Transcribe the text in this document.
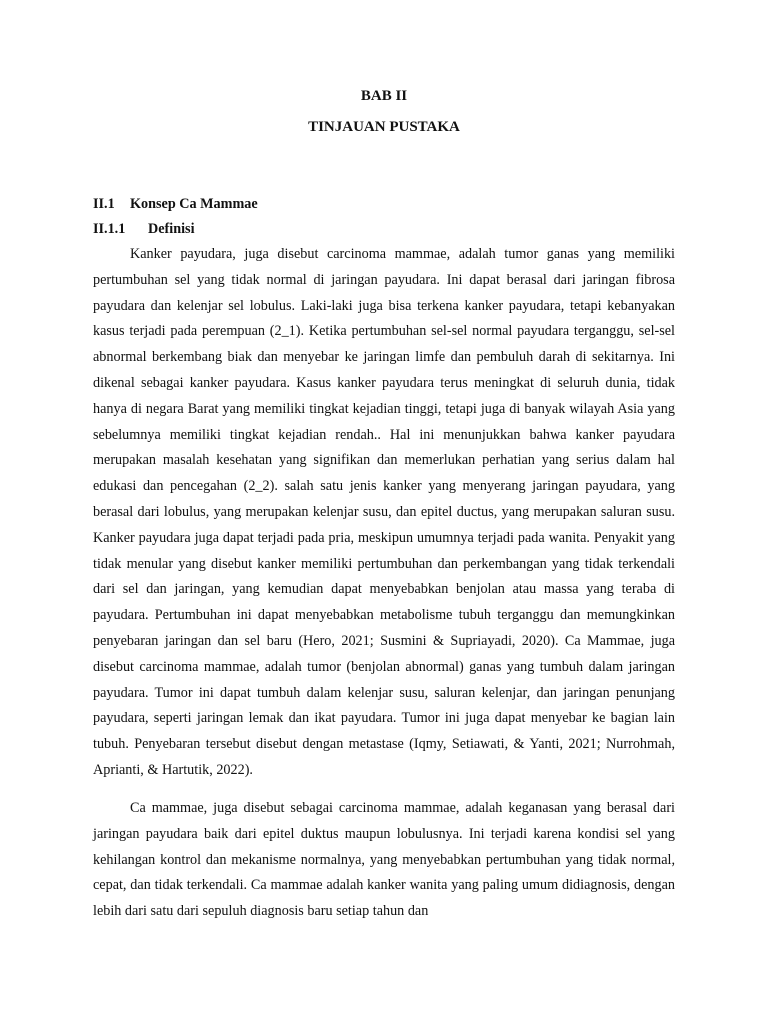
BAB II
TINJAUAN PUSTAKA
II.1 Konsep Ca Mammae
II.1.1 Definisi

Kanker payudara, juga disebut carcinoma mammae, adalah tumor ganas yang memiliki pertumbuhan sel yang tidak normal di jaringan payudara. Ini dapat berasal dari jaringan fibrosa payudara dan kelenjar sel lobulus. Laki-laki juga bisa terkena kanker payudara, tetapi kebanyakan kasus terjadi pada perempuan (2_1). Ketika pertumbuhan sel-sel normal payudara terganggu, sel-sel abnormal berkembang biak dan menyebar ke jaringan limfe dan pembuluh darah di sekitarnya. Ini dikenal sebagai kanker payudara. Kasus kanker payudara terus meningkat di seluruh dunia, tidak hanya di negara Barat yang memiliki tingkat kejadian tinggi, tetapi juga di banyak wilayah Asia yang sebelumnya memiliki tingkat kejadian rendah.. Hal ini menunjukkan bahwa kanker payudara merupakan masalah kesehatan yang signifikan dan memerlukan perhatian yang serius dalam hal edukasi dan pencegahan (2_2). salah satu jenis kanker yang menyerang jaringan payudara, yang berasal dari lobulus, yang merupakan kelenjar susu, dan epitel ductus, yang merupakan saluran susu. Kanker payudara juga dapat terjadi pada pria, meskipun umumnya terjadi pada wanita. Penyakit yang tidak menular yang disebut kanker memiliki pertumbuhan dan perkembangan yang tidak terkendali dari sel dan jaringan, yang kemudian dapat menyebabkan benjolan atau massa yang teraba di payudara. Pertumbuhan ini dapat menyebabkan metabolisme tubuh terganggu dan memungkinkan penyebaran jaringan dan sel baru (Hero, 2021; Susmini & Supriayadi, 2020). Ca Mammae, juga disebut carcinoma mammae, adalah tumor (benjolan abnormal) ganas yang tumbuh dalam jaringan payudara. Tumor ini dapat tumbuh dalam kelenjar susu, saluran kelenjar, dan jaringan penunjang payudara, seperti jaringan lemak dan ikat payudara. Tumor ini juga dapat menyebar ke bagian lain tubuh. Penyebaran tersebut disebut dengan metastase (Iqmy, Setiawati, & Yanti, 2021; Nurrohmah, Aprianti, & Hartutik, 2022).

Ca mammae, juga disebut sebagai carcinoma mammae, adalah keganasan yang berasal dari jaringan payudara baik dari epitel duktus maupun lobulusnya. Ini terjadi karena kondisi sel yang kehilangan kontrol dan mekanisme normalnya, yang menyebabkan pertumbuhan yang tidak normal, cepat, dan tidak terkendali. Ca mammae adalah kanker wanita yang paling umum didiagnosis, dengan lebih dari satu dari sepuluh diagnosis baru setiap tahun dan
